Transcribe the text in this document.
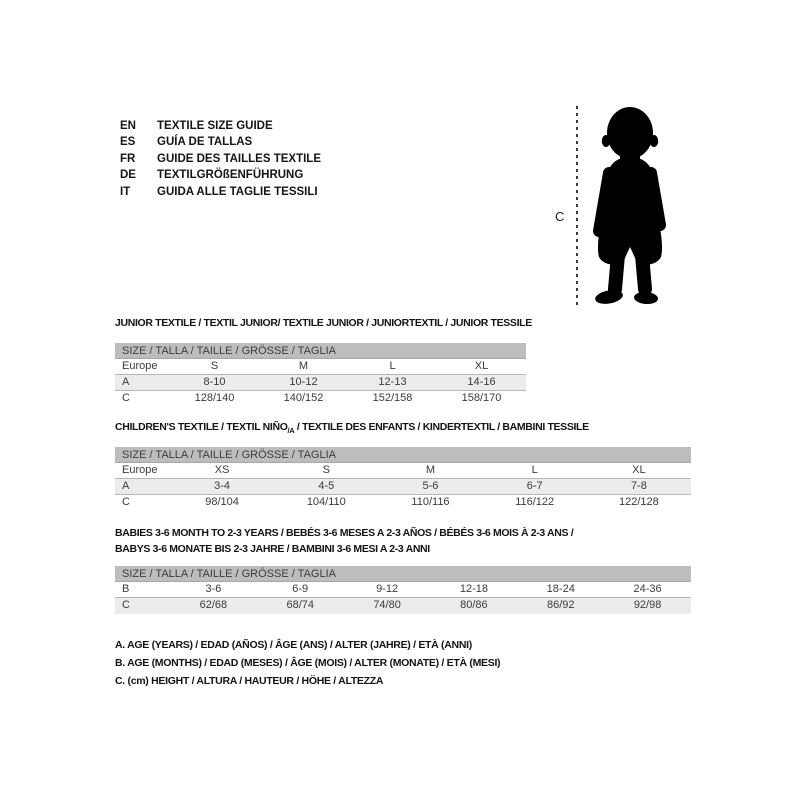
EN	TEXTILE SIZE GUIDE
ES	GUÍA DE TALLAS
FR	GUIDE DES TAILLES TEXTILE
DE	TEXTILGRÖßENFÜHRUNG
IT	GUIDA ALLE TAGLIE TESSILI
C
JUNIOR TEXTILE / TEXTIL JUNIOR/ TEXTILE JUNIOR / JUNIORTEXTIL / JUNIOR TESSILE
SIZE / TALLA / TAILLE / GRÖSSE / TAGLIA
Europe	S	M	L	XL
A	8-10	10-12	12-13	14-16
C	128/140	140/152	152/158	158/170
CHILDREN'S TEXTILE / TEXTIL $NIÑO_{/A}$ / TEXTILE DES ENFANTS / KINDERTEXTIL / BAMBINI TESSILE
SIZE / TALLA / TAILLE / GRÖSSE / TAGLIA
Europe	XS	S	M	L	XL
A	3-4	4-5	5-6	6-7	7-8
C	98/104	104/110	110/116	116/122	122/128
BABIES 3-6 MONTH TO 2-3 YEARS / BEBÉS 3-6 MESES A 2-3 AÑOS / BÉBÉS 3-6 MOIS À 2-3 ANS /
BABYS 3-6 MONATE BIS 2-3 JAHRE / BAMBINI 3-6 MESI A 2-3 ANNI
SIZE / TALLA / TAILLE / GRÖSSE / TAGLIA
B	3-6	6-9	9-12	12-18	18-24	24-36
C	62/68	68/74	74/80	80/86	86/92	92/98
A. AGE (YEARS) / EDAD (AÑOS) / ÂGE (ANS) / ALTER (JAHRE) / ETÀ (ANNI)
B. AGE (MONTHS) / EDAD (MESES) / ÂGE (MOIS) / ALTER (MONATE) / ETÀ (MESI)
C. (cm) HEIGHT / ALTURA / HAUTEUR / HÖHE / ALTEZZA
